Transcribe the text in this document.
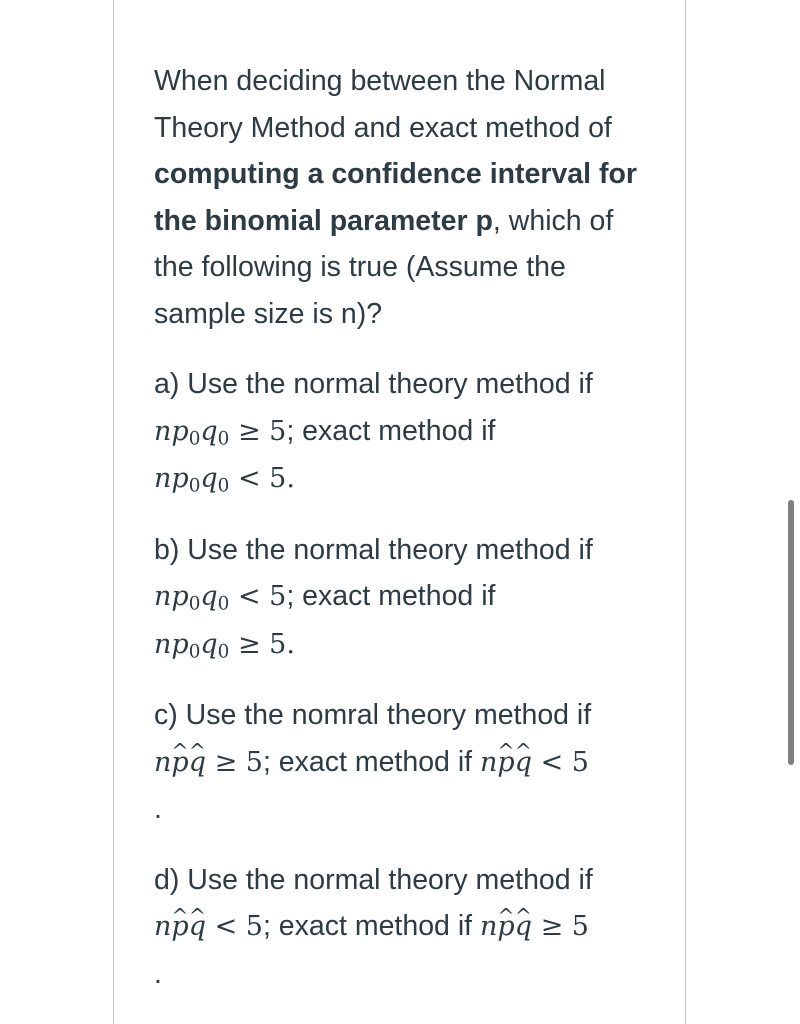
When deciding between the Normal Theory Method and exact method of computing a confidence interval for the binomial parameter p, which of the following is true (Assume the sample size is n)?

a) Use the normal theory method if
$np_0q_0 \ge 5$; exact method if
$np_0q_0 < 5$.

b) Use the normal theory method if
$np_0q_0 < 5$; exact method if
$np_0q_0 \ge 5$.

c) Use the nomral theory method if
n^ p^ q ≥ 5; exact method if n^ p^ q < 5
.

d) Use the normal theory method if
n^ p^ q < 5; exact method if n^ p^ q ≥ 5
.
